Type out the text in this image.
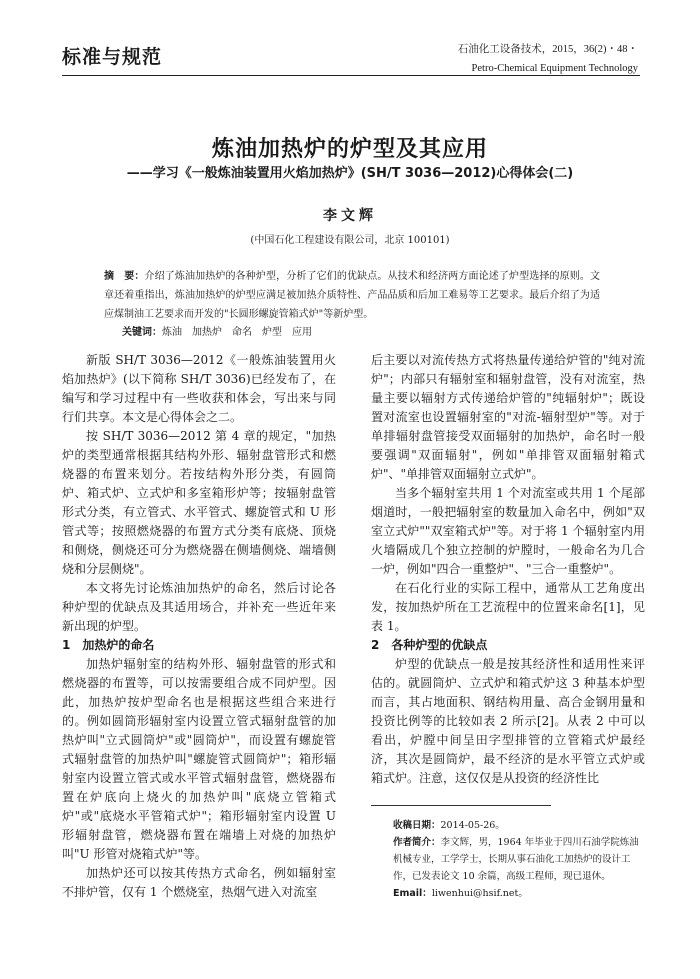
标准与规范	石油化工设备技术，2015，36(2)・48・
Petro-Chemical Equipment Technology
炼油加热炉的炉型及其应用
——学习《一般炼油装置用火焰加热炉》(SH/T 3036—2012)心得体会(二)
李文辉
(中国石化工程建设有限公司，北京 100101)
摘　要：介绍了炼油加热炉的各种炉型，分析了它们的优缺点。从技术和经济两方面论述了炉型选择的原则。文章还着重指出，炼油加热炉的炉型应满足被加热介质特性、产品品质和后加工难易等工艺要求。最后介绍了为适应煤制油工艺要求而开发的"长圆形螺旋管箱式炉"等新炉型。
关键词：炼油　加热炉　命名　炉型　应用

新版 SH/T 3036—2012《一般炼油装置用火焰加热炉》(以下简称 SH/T 3036)已经发布了，在编写和学习过程中有一些收获和体会，写出来与同行们共享。本文是心得体会之二。

按 SH/T 3036—2012 第 4 章的规定，"加热炉的类型通常根据其结构外形、辐射盘管形式和燃烧器的布置来划分。若按结构外形分类，有圆筒炉、箱式炉、立式炉和多室箱形炉等；按辐射盘管形式分类，有立管式、水平管式、螺旋管式和 U 形管式等；按照燃烧器的布置方式分类有底烧、顶烧和侧烧，侧烧还可分为燃烧器在侧墙侧烧、端墙侧烧和分层侧烧"。

本文将先讨论炼油加热炉的命名，然后讨论各种炉型的优缺点及其适用场合，并补充一些近年来新出现的炉型。

1　加热炉的命名

加热炉辐射室的结构外形、辐射盘管的形式和燃烧器的布置等，可以按需要组合成不同炉型。因此，加热炉按炉型命名也是根据这些组合来进行的。例如圆筒形辐射室内设置立管式辐射盘管的加热炉叫"立式圆筒炉"或"圆筒炉"，而设置有螺旋管式辐射盘管的加热炉叫"螺旋管式圆筒炉"；箱形辐射室内设置立管式或水平管式辐射盘管，燃烧器布置在炉底向上烧火的加热炉叫"底烧立管箱式炉"或"底烧水平管箱式炉"；箱形辐射室内设置 U 形辐射盘管，燃烧器布置在端墙上对烧的加热炉叫"U 形管对烧箱式炉"等。

加热炉还可以按其传热方式命名，例如辐射室不排炉管，仅有 1 个燃烧室，热烟气进入对流室

后主要以对流传热方式将热量传递给炉管的"纯对流炉"；内部只有辐射室和辐射盘管，没有对流室，热量主要以辐射方式传递给炉管的"纯辐射炉"；既设置对流室也设置辐射室的"对流-辐射型炉"等。对于单排辐射盘管接受双面辐射的加热炉，命名时一般要强调"双面辐射"，例如"单排管双面辐射箱式炉"、"单排管双面辐射立式炉"。

当多个辐射室共用 1 个对流室或共用 1 个尾部烟道时，一般把辐射室的数量加入命名中，例如"双室立式炉""双室箱式炉"等。对于将 1 个辐射室内用火墙隔成几个独立控制的炉膛时，一般命名为几合一炉，例如"四合一重整炉"、"三合一重整炉"。

在石化行业的实际工程中，通常从工艺角度出发，按加热炉所在工艺流程中的位置来命名[1]，见表 1。

2　各种炉型的优缺点

炉型的优缺点一般是按其经济性和适用性来评估的。就圆筒炉、立式炉和箱式炉这 3 种基本炉型而言，其占地面积、钢结构用量、高合金钢用量和投资比例等的比较如表 2 所示[2]。从表 2 中可以看出，炉膛中间呈田字型排管的立管箱式炉最经济，其次是圆筒炉，最不经济的是水平管立式炉或箱式炉。注意，这仅仅是从投资的经济性比

收稿日期：2014-05-26。

作者简介：李文辉，男，1964 年毕业于四川石油学院炼油机械专业，工学学士，长期从事石油化工加热炉的设计工作，已发表论文 10 余篇，高级工程师，现已退休。

Email：liwenhui@hsif.net。
